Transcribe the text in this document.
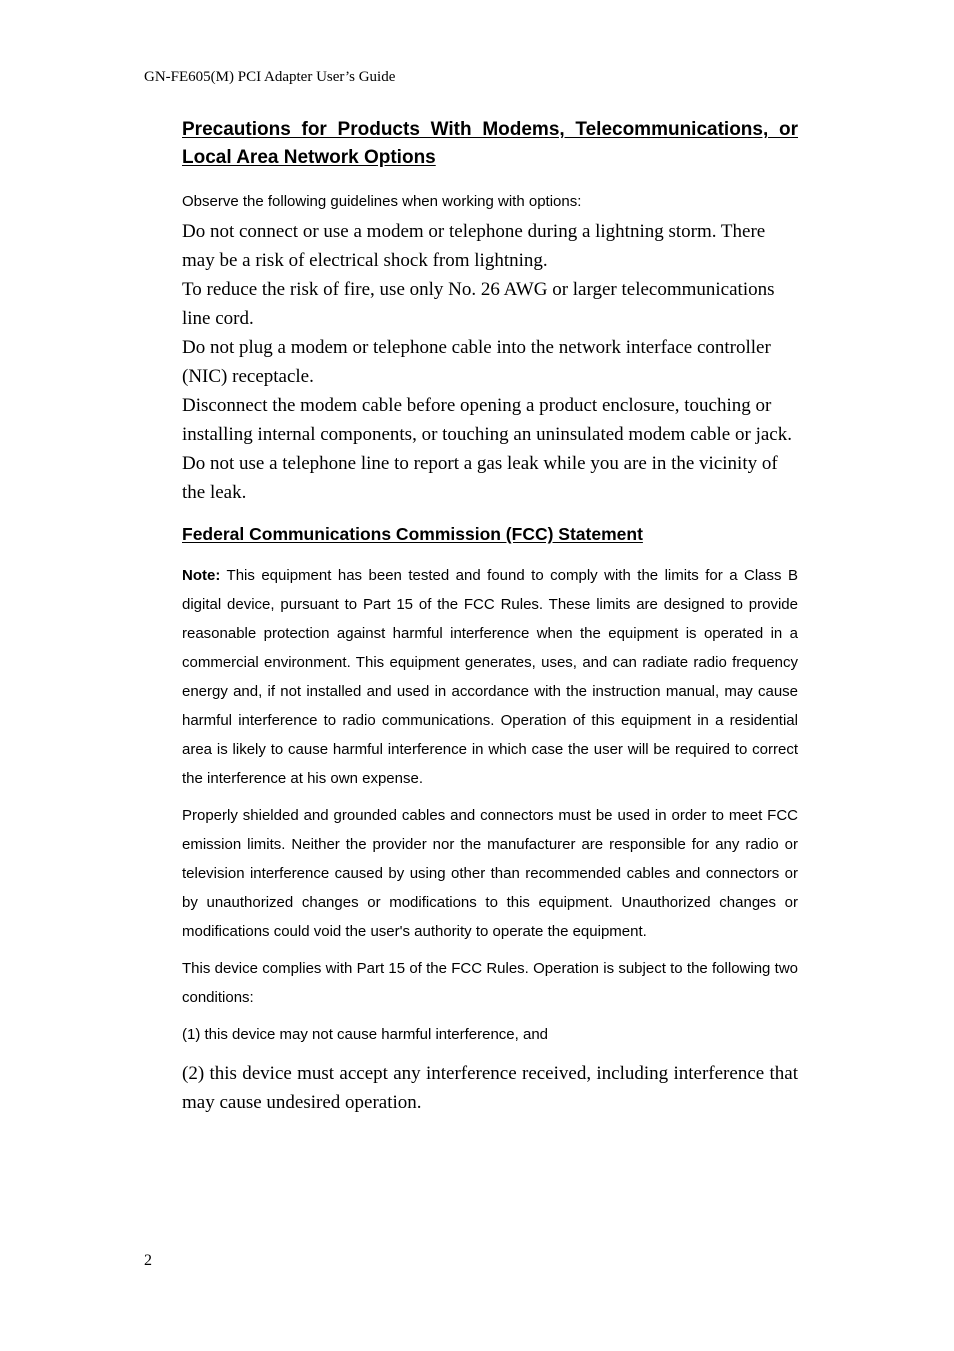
GN-FE605(M) PCI Adapter User’s Guide
Precautions for Products With Modems, Telecommunications, or Local Area Network Options

Observe the following guidelines when working with options:

Do not connect or use a modem or telephone during a lightning storm. There may be a risk of electrical shock from lightning.

To reduce the risk of fire, use only No. 26 AWG or larger telecommunications line cord.

Do not plug a modem or telephone cable into the network interface controller (NIC) receptacle.

Disconnect the modem cable before opening a product enclosure, touching or installing internal components, or touching an uninsulated modem cable or jack.

Do not use a telephone line to report a gas leak while you are in the vicinity of the leak.

Federal Communications Commission (FCC) Statement

Note: This equipment has been tested and found to comply with the limits for a Class B digital device, pursuant to Part 15 of the FCC Rules. These limits are designed to provide reasonable protection against harmful interference when the equipment is operated in a commercial environment. This equipment generates, uses, and can radiate radio frequency energy and, if not installed and used in accordance with the instruction manual, may cause harmful interference to radio communications. Operation of this equipment in a residential area is likely to cause harmful interference in which case the user will be required to correct the interference at his own expense.

Properly shielded and grounded cables and connectors must be used in order to meet FCC emission limits. Neither the provider nor the manufacturer are responsible for any radio or television interference caused by using other than recommended cables and connectors or by unauthorized changes or modifications to this equipment. Unauthorized changes or modifications could void the user's authority to operate the equipment.

This device complies with Part 15 of the FCC Rules. Operation is subject to the following two conditions:

(1) this device may not cause harmful interference, and

(2) this device must accept any interference received, including interference that may cause undesired operation.

2
